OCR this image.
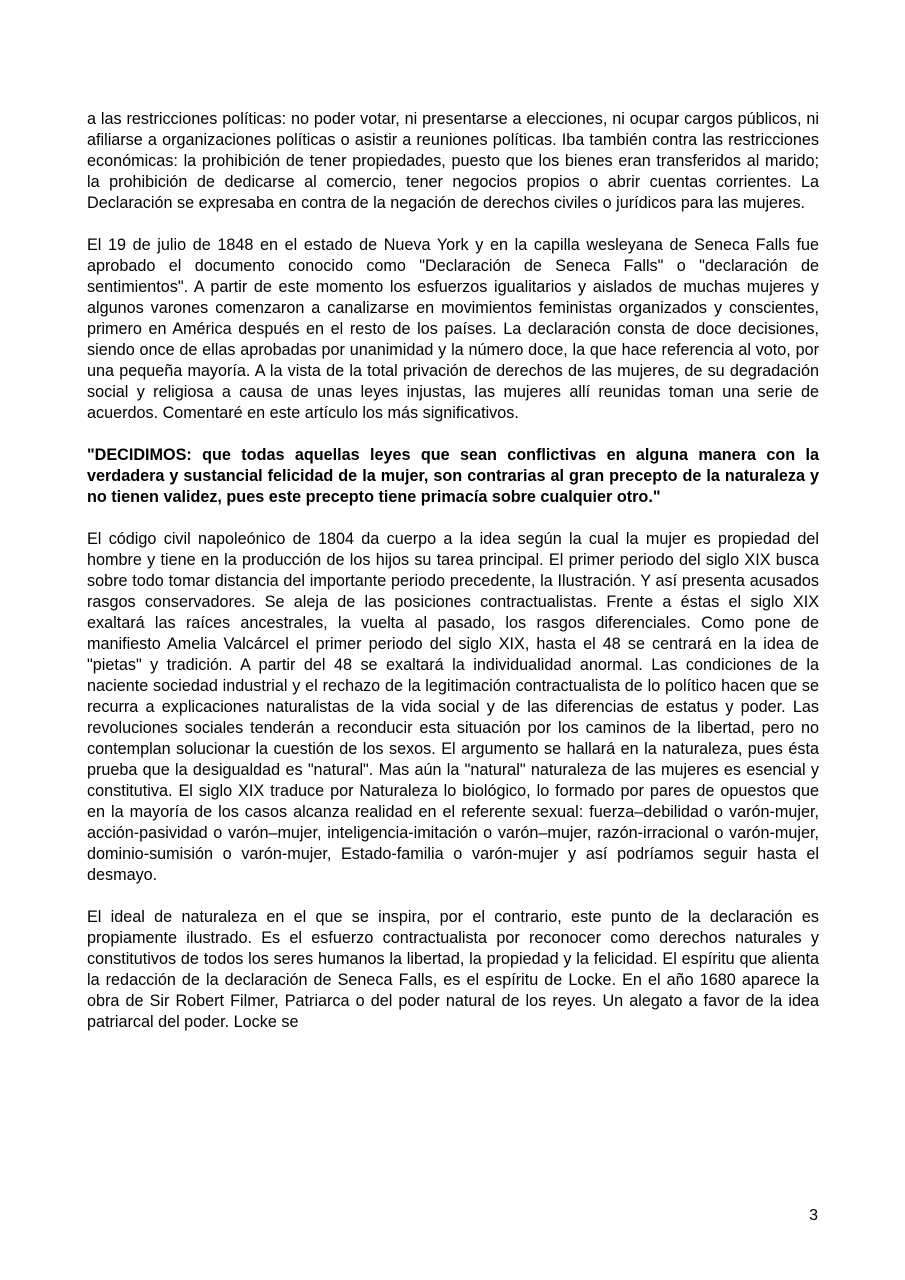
a las restricciones políticas: no poder votar, ni presentarse a elecciones, ni ocupar cargos públicos, ni afiliarse a organizaciones políticas o asistir a reuniones políticas. Iba también contra las restricciones económicas: la prohibición de tener propiedades, puesto que los bienes eran transferidos al marido; la prohibición de dedicarse al comercio, tener negocios propios o abrir cuentas corrientes. La Declaración se expresaba en contra de la negación de derechos civiles o jurídicos para las mujeres.

El 19 de julio de 1848 en el estado de Nueva York y en la capilla wesleyana de Seneca Falls fue aprobado el documento conocido como "Declaración de Seneca Falls" o "declaración de sentimientos". A partir de este momento los esfuerzos igualitarios y aislados de muchas mujeres y algunos varones comenzaron a canalizarse en movimientos feministas organizados y conscientes, primero en América después en el resto de los países. La declaración consta de doce decisiones, siendo once de ellas aprobadas por unanimidad y la número doce, la que hace referencia al voto, por una pequeña mayoría. A la vista de la total privación de derechos de las mujeres, de su degradación social y religiosa a causa de unas leyes injustas, las mujeres allí reunidas toman una serie de acuerdos. Comentaré en este artículo los más significativos.

"DECIDIMOS: que todas aquellas leyes que sean conflictivas en alguna manera con la verdadera y sustancial felicidad de la mujer, son contrarias al gran precepto de la naturaleza y no tienen validez, pues este precepto tiene primacía sobre cualquier otro."

El código civil napoleónico de 1804 da cuerpo a la idea según la cual la mujer es propiedad del hombre y tiene en la producción de los hijos su tarea principal. El primer periodo del siglo XIX busca sobre todo tomar distancia del importante periodo precedente, la Ilustración. Y así presenta acusados rasgos conservadores. Se aleja de las posiciones contractualistas. Frente a éstas el siglo XIX exaltará las raíces ancestrales, la vuelta al pasado, los rasgos diferenciales. Como pone de manifiesto Amelia Valcárcel el primer periodo del siglo XIX, hasta el 48 se centrará en la idea de "pietas" y tradición. A partir del 48 se exaltará la individualidad anormal. Las condiciones de la naciente sociedad industrial y el rechazo de la legitimación contractualista de lo político hacen que se recurra a explicaciones naturalistas de la vida social y de las diferencias de estatus y poder. Las revoluciones sociales tenderán a reconducir esta situación por los caminos de la libertad, pero no contemplan solucionar la cuestión de los sexos. El argumento se hallará en la naturaleza, pues ésta prueba que la desigualdad es "natural". Mas aún la "natural" naturaleza de las mujeres es esencial y constitutiva. El siglo XIX traduce por Naturaleza lo biológico, lo formado por pares de opuestos que en la mayoría de los casos alcanza realidad en el referente sexual: fuerza–debilidad o varón-mujer, acción-pasividad o varón–mujer, inteligencia-imitación o varón–mujer, razón-irracional o varón-mujer, dominio-sumisión o varón-mujer, Estado-familia o varón-mujer y así podríamos seguir hasta el desmayo.

El ideal de naturaleza en el que se inspira, por el contrario, este punto de la declaración es propiamente ilustrado. Es el esfuerzo contractualista por reconocer como derechos naturales y constitutivos de todos los seres humanos la libertad, la propiedad y la felicidad. El espíritu que alienta la redacción de la declaración de Seneca Falls, es el espíritu de Locke. En el año 1680 aparece la obra de Sir Robert Filmer, Patriarca o del poder natural de los reyes. Un alegato a favor de la idea patriarcal del poder. Locke se

3
